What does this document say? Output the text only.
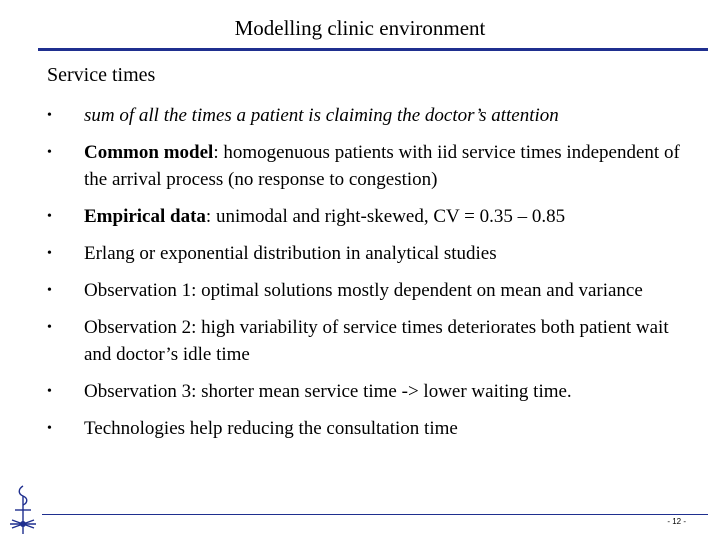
Modelling clinic environment
Service times
• sum of all the times a patient is claiming the doctor’s attention
• Common model: homogenuous patients with iid service times independent of the arrival process (no response to congestion)
• Empirical data: unimodal and right-skewed, CV = 0.35 – 0.85
• Erlang or exponential distribution in analytical studies
• Observation 1: optimal solutions mostly dependent on mean and variance
• Observation 2: high variability of service times deteriorates both patient wait and doctor’s idle time
• Observation 3: shorter mean service time -> lower waiting time.
• Technologies help reducing the consultation time
- 12 -
